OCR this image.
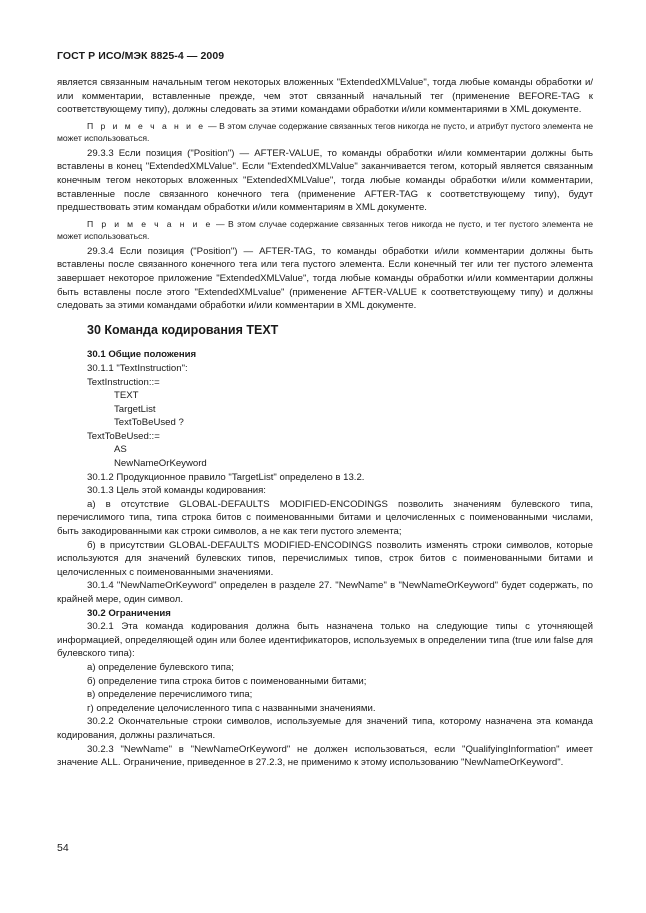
ГОСТ Р ИСО/МЭК 8825-4 — 2009

является связанным начальным тегом некоторых вложенных "ExtendedXMLValue", тогда любые команды обработки и/или комментарии, вставленные прежде, чем этот связанный начальный тег (применение BEFORE-TAG к соответствующему типу), должны следовать за этими командами обработки и/или комментариями в XML документе.

П р и м е ч а н и е — В этом случае содержание связанных тегов никогда не пусто, и атрибут пустого элемента не может использоваться.

29.3.3 Если позиция ("Position") — AFTER-VALUE, то команды обработки и/или комментарии должны быть вставлены в конец "ExtendedXMLValue". Если "ExtendedXMLValue" заканчивается тегом, который является связанным конечным тегом некоторых вложенных "ExtendedXMLValue", тогда любые команды обработки и/или комментарии, вставленные после связанного конечного тега (применение AFTER-TAG к соответствующему типу), будут предшествовать этим командам обработки и/или комментариям в XML документе.

П р и м е ч а н и е — В этом случае содержание связанных тегов никогда не пусто, и тег пустого элемента не может использоваться.

29.3.4 Если позиция ("Position") — AFTER-TAG, то команды обработки и/или комментарии должны быть вставлены после связанного конечного тега или тега пустого элемента. Если конечный тег или тег пустого элемента завершает некоторое приложение "ExtendedXMLValue", тогда любые команды обработки и/или комментарии должны быть вставлены после этого "ExtendedXMLvalue" (применение AFTER-VALUE к соответствующему типу) и должны следовать за этими командами обработки и/или комментарии в XML документе.

30 Команда кодирования TEXT
30.1 Общие положения
30.1.1 "TextInstruction":
TextInstruction::=
TEXT
TargetList
TextToBeUsed ?
TextToBeUsed::=
AS
NewNameOrKeyword

30.1.2 Продукционное правило "TargetList" определено в 13.2.

30.1.3 Цель этой команды кодирования:

а) в отсутствие GLOBAL-DEFAULTS MODIFIED-ENCODINGS позволить значениям булевского типа, перечислимого типа, типа строка битов с поименованными битами и целочисленных с поименованными числами, быть закодированными как строки символов, а не как теги пустого элемента;

б) в присутствии GLOBAL-DEFAULTS MODIFIED-ENCODINGS позволить изменять строки символов, которые используются для значений булевских типов, перечислимых типов, строк битов с поименованными битами и целочисленных с поименованными значениями.

30.1.4 "NewNameOrKeyword" определен в разделе 27. "NewName" в "NewNameOrKeyword" будет содержать, по крайней мере, один символ.

30.2 Ограничения

30.2.1 Эта команда кодирования должна быть назначена только на следующие типы с уточняющей информацией, определяющей один или более идентификаторов, используемых в определении типа (true или false для булевского типа):

а) определение булевского типа;

б) определение типа строка битов с поименованными битами;

в) определение перечислимого типа;

г) определение целочисленного типа с названными значениями.

30.2.2 Окончательные строки символов, используемые для значений типа, которому назначена эта команда кодирования, должны различаться.

30.2.3 "NewName" в "NewNameOrKeyword" не должен использоваться, если "QualifyingInformation" имеет значение ALL. Ограничение, приведенное в 27.2.3, не применимо к этому использованию "NewNameOrKeyword".

54
